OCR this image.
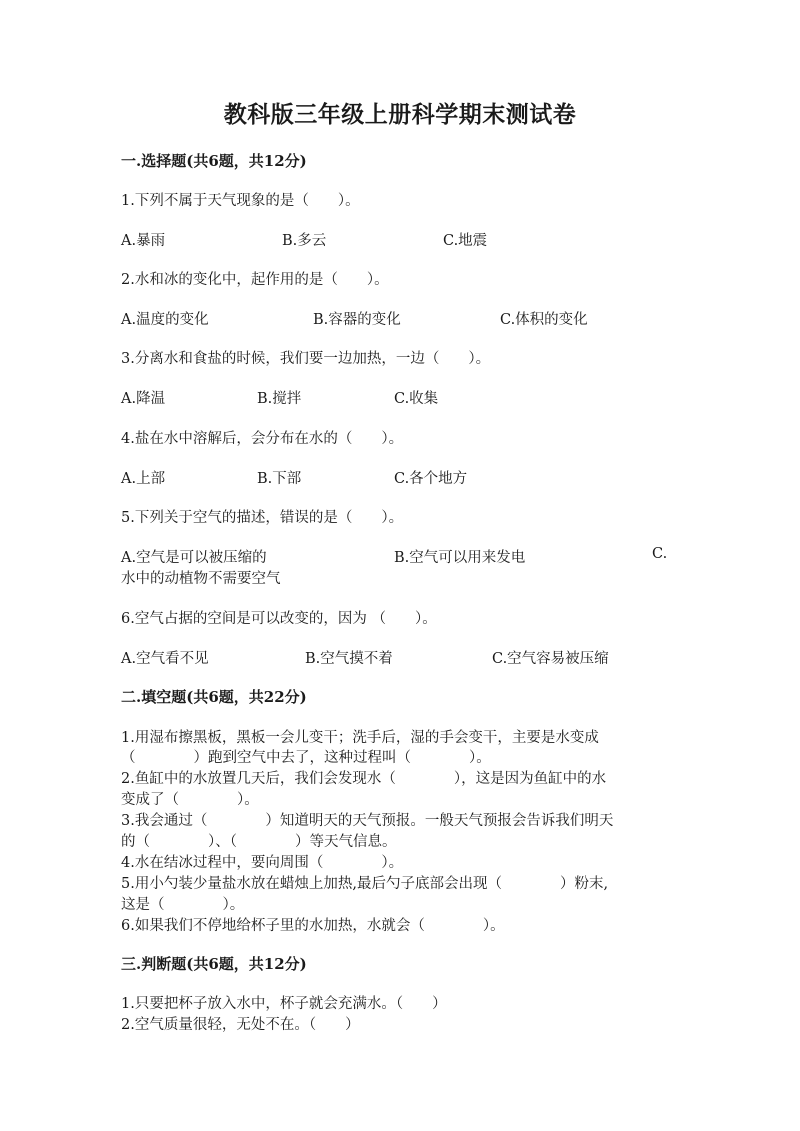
教科版三年级上册科学期末测试卷
一.选择题(共6题，共12分)
1.下列不属于天气现象的是（　　）。
A.暴雨	B.多云	C.地震
2.水和冰的变化中，起作用的是（　　）。
A.温度的变化	B.容器的变化	C.体积的变化
3.分离水和食盐的时候，我们要一边加热，一边（　　）。
A.降温	B.搅拌	C.收集
4.盐在水中溶解后，会分布在水的（　　）。
A.上部	B.下部	C.各个地方
5.下列关于空气的描述，错误的是（　　）。
A.空气是可以被压缩的	B.空气可以用来发电	C.
水中的动植物不需要空气
6.空气占据的空间是可以改变的，因为 （　　）。
A.空气看不见	B.空气摸不着	C.空气容易被压缩
二.填空题(共6题，共22分)
1.用湿布擦黑板，黑板一会儿变干；洗手后，湿的手会变干，主要是水变成
（　　　　）跑到空气中去了，这种过程叫（　　　　）。
2.鱼缸中的水放置几天后，我们会发现水（　　　　），这是因为鱼缸中的水
变成了（　　　　）。
3.我会通过（　　　　）知道明天的天气预报。一般天气预报会告诉我们明天
的（　　　　）、（　　　　）等天气信息。
4.水在结冰过程中，要向周围（　　　　）。
5.用小勺装少量盐水放在蜡烛上加热,最后勺子底部会出现（　　　　）粉末,
这是（　　　　）。
6.如果我们不停地给杯子里的水加热，水就会（　　　　）。
三.判断题(共6题，共12分)
1.只要把杯子放入水中，杯子就会充满水。（　　）
2.空气质量很轻，无处不在。（　　）
